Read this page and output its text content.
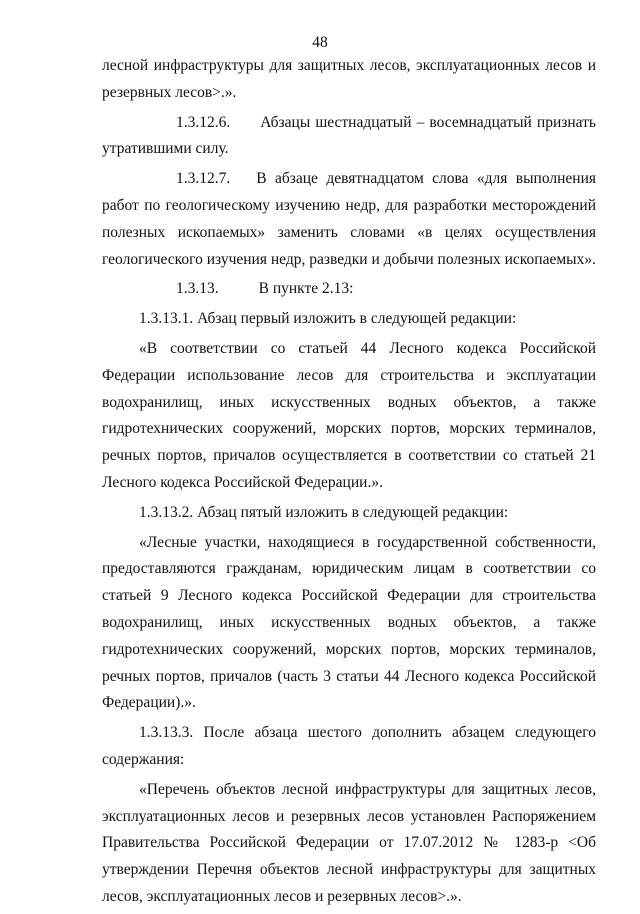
48

лесной инфраструктуры для защитных лесов, эксплуатационных лесов и резервных лесов>.».

1.3.12.6. Абзацы шестнадцатый – восемнадцатый признать утратившими силу.

1.3.12.7. В абзаце девятнадцатом слова «для выполнения работ по геологическому изучению недр, для разработки месторождений полезных ископаемых» заменить словами «в целях осуществления геологического изучения недр, разведки и добычи полезных ископаемых».

1.3.13.	В пункте 2.13:

1.3.13.1. Абзац первый изложить в следующей редакции:

«В соответствии со статьей 44 Лесного кодекса Российской Федерации использование лесов для строительства и эксплуатации водохранилищ, иных искусственных водных объектов, а также гидротехнических сооружений, морских портов, морских терминалов, речных портов, причалов осуществляется в соответствии со статьей 21 Лесного кодекса Российской Федерации.».

1.3.13.2. Абзац пятый изложить в следующей редакции:

«Лесные участки, находящиеся в государственной собственности, предоставляются гражданам, юридическим лицам в соответствии со статьей 9 Лесного кодекса Российской Федерации для строительства водохранилищ, иных искусственных водных объектов, а также гидротехнических сооружений, морских портов, морских терминалов, речных портов, причалов (часть 3 статьи 44 Лесного кодекса Российской Федерации).».

1.3.13.3. После абзаца шестого дополнить абзацем следующего содержания:

«Перечень объектов лесной инфраструктуры для защитных лесов, эксплуатационных лесов и резервных лесов установлен Распоряжением Правительства Российской Федерации от 17.07.2012 № 1283-р <Об утверждении Перечня объектов лесной инфраструктуры для защитных лесов, эксплуатационных лесов и резервных лесов>.».
